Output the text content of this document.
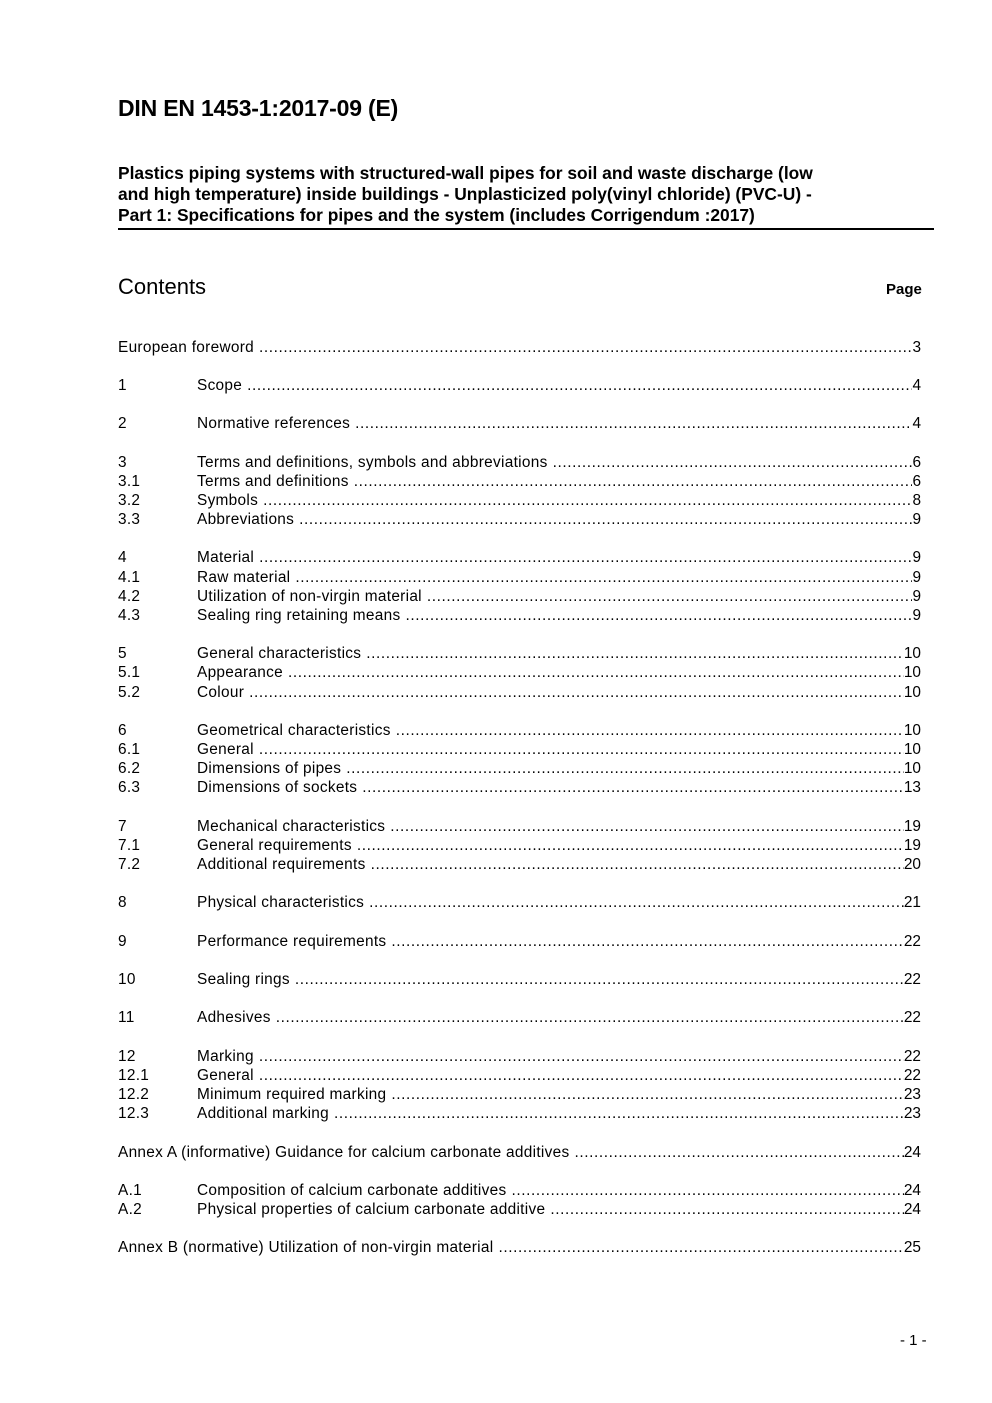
DIN EN 1453-1:2017-09 (E)
Plastics piping systems with structured-wall pipes for soil and waste discharge (low
and high temperature) inside buildings - Unplasticized poly(vinyl chloride) (PVC-U) -
Part 1: Specifications for pipes and the system (includes Corrigendum :2017)
Contents	Page
European foreword .....	3
1	Scope .....	4
2	Normative references .....	4
3	Terms and definitions, symbols and abbreviations .....	6
3.1	Terms and definitions .....	6
3.2	Symbols .....	8
3.3	Abbreviations .....	9
4	Material .....	9
4.1	Raw material .....	9
4.2	Utilization of non-virgin material .....	9
4.3	Sealing ring retaining means .....	9
5	General characteristics .....	10
5.1	Appearance .....	10
5.2	Colour .....	10
6	Geometrical characteristics .....	10
6.1	General .....	10
6.2	Dimensions of pipes .....	10
6.3	Dimensions of sockets .....	13
7	Mechanical characteristics .....	19
7.1	General requirements .....	19
7.2	Additional requirements .....	20
8	Physical characteristics .....	21
9	Performance requirements .....	22
10	Sealing rings .....	22
11	Adhesives .....	22
12	Marking .....	22
12.1	General .....	22
12.2	Minimum required marking .....	23
12.3	Additional marking .....	23
Annex A (informative) Guidance for calcium carbonate additives .....	24
A.1	Composition of calcium carbonate additives .....	24
A.2	Physical properties of calcium carbonate additive .....	24
Annex B (normative) Utilization of non-virgin material .....	25
- 1 -
